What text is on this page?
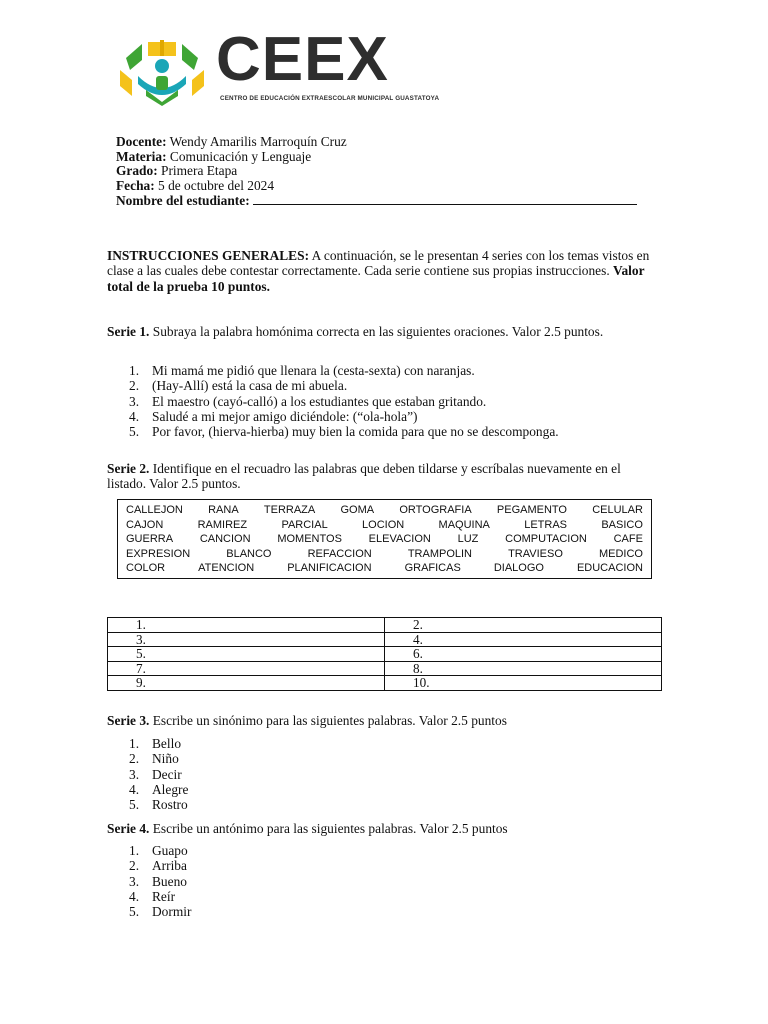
CEEX
CENTRO DE EDUCACIÓN EXTRAESCOLAR MUNICIPAL GUASTATOYA
Docente: Wendy Amarilis Marroquín Cruz
Materia: Comunicación y Lenguaje
Grado: Primera Etapa
Fecha: 5 de octubre del 2024
Nombre del estudiante:
INSTRUCCIONES GENERALES: A continuación, se le presentan 4 series con los temas vistos en clase a las cuales debe contestar correctamente. Cada serie contiene sus propias instrucciones. Valor total de la prueba 10 puntos.
Serie 1. Subraya la palabra homónima correcta en las siguientes oraciones. Valor 2.5 puntos.
1. Mi mamá me pidió que llenara la (cesta-sexta) con naranjas.
2. (Hay-Allí) está la casa de mi abuela.
3. El maestro (cayó-calló) a los estudiantes que estaban gritando.
4. Saludé a mi mejor amigo diciéndole: (“ola-hola”)
5. Por favor, (hierva-hierba) muy bien la comida para que no se descomponga.
Serie 2. Identifique en el recuadro las palabras que deben tildarse y escríbalas nuevamente en el listado. Valor 2.5 puntos.
CALLEJON RANA TERRAZA GOMA ORTOGRAFIA PEGAMENTO CELULAR
CAJON	RAMIREZ	PARCIAL	LOCION	MAQUINA	LETRAS	BASICO
GUERRA CANCION MOMENTOS ELEVACION LUZ COMPUTACION CAFE
EXPRESION	BLANCO	REFACCION	TRAMPOLIN	TRAVIESO	MEDICO
COLOR	ATENCION	PLANIFICACION	GRAFICAS	DIALOGO	EDUCACION
1.	2.
3.	4.
5.	6.
7.	8.
9.	10.
Serie 3. Escribe un sinónimo para las siguientes palabras. Valor 2.5 puntos
1. Bello
2. Niño
3. Decir
4. Alegre
5. Rostro
Serie 4. Escribe un antónimo para las siguientes palabras. Valor 2.5 puntos
1. Guapo
2. Arriba
3. Bueno
4. Reír
5. Dormir
